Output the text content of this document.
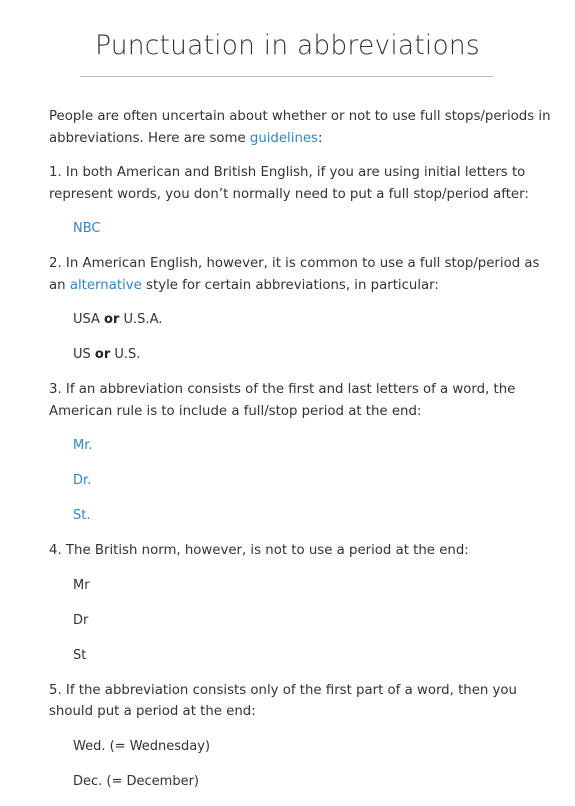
Punctuation in abbreviations

People are often uncertain about whether or not to use full stops/periods in abbreviations. Here are some guidelines:

1. In both American and British English, if you are using initial letters to represent words, you don’t normally need to put a full stop/period after:

NBC

2. In American English, however, it is common to use a full stop/period as an alternative style for certain abbreviations, in particular:

USA or U.S.A.

US or U.S.

3. If an abbreviation consists of the first and last letters of a word, the American rule is to include a full/stop period at the end:

Mr.

Dr.

St.

4. The British norm, however, is not to use a period at the end:

Mr

Dr

St

5. If the abbreviation consists only of the first part of a word, then you should put a period at the end:

Wed. (= Wednesday)

Dec. (= December)
